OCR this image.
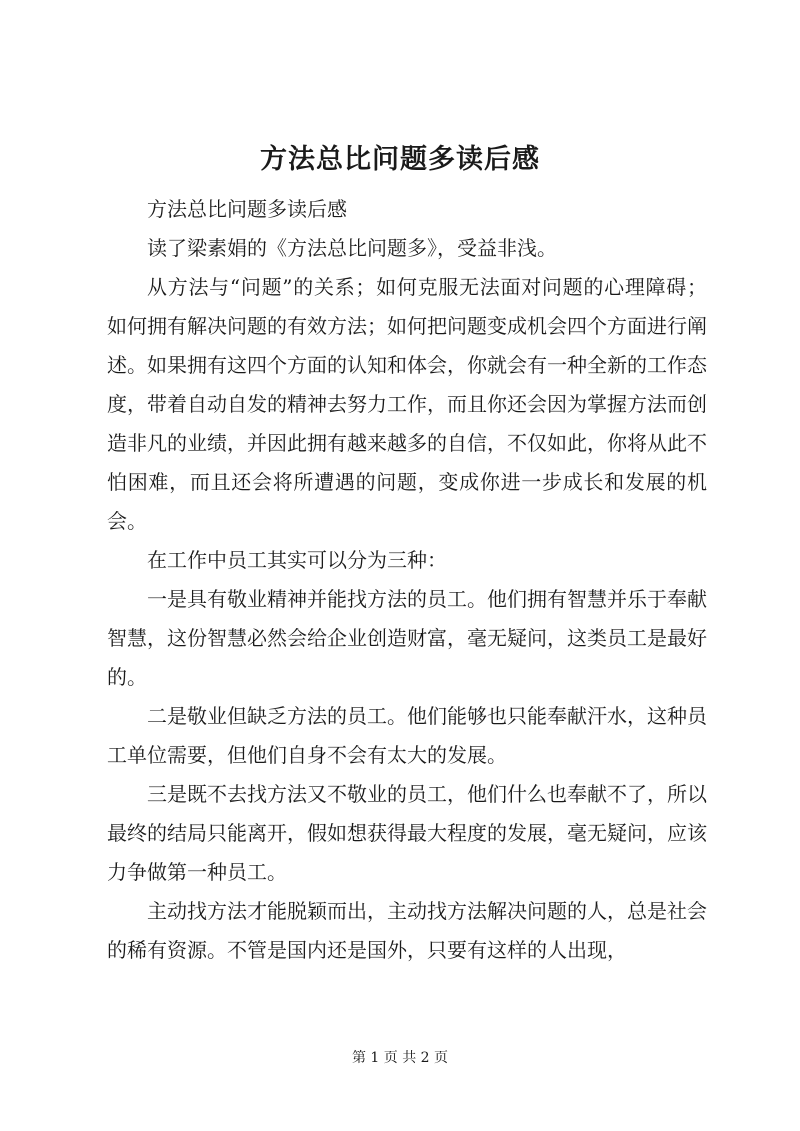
方法总比问题多读后感

方法总比问题多读后感

读了梁素娟的《方法总比问题多》，受益非浅。

从方法与“问题”的关系；如何克服无法面对问题的心理障碍；如何拥有解决问题的有效方法；如何把问题变成机会四个方面进行阐述。如果拥有这四个方面的认知和体会，你就会有一种全新的工作态度，带着自动自发的精神去努力工作，而且你还会因为掌握方法而创造非凡的业绩，并因此拥有越来越多的自信，不仅如此，你将从此不怕困难，而且还会将所遭遇的问题，变成你进一步成长和发展的机会。

在工作中员工其实可以分为三种：

一是具有敬业精神并能找方法的员工。他们拥有智慧并乐于奉献智慧，这份智慧必然会给企业创造财富，毫无疑问，这类员工是最好的。

二是敬业但缺乏方法的员工。他们能够也只能奉献汗水，这种员工单位需要，但他们自身不会有太大的发展。

三是既不去找方法又不敬业的员工，他们什么也奉献不了，所以最终的结局只能离开，假如想获得最大程度的发展，毫无疑问，应该力争做第一种员工。

主动找方法才能脱颖而出，主动找方法解决问题的人，总是社会的稀有资源。不管是国内还是国外，只要有这样的人出现，

第 1 页 共 2 页
